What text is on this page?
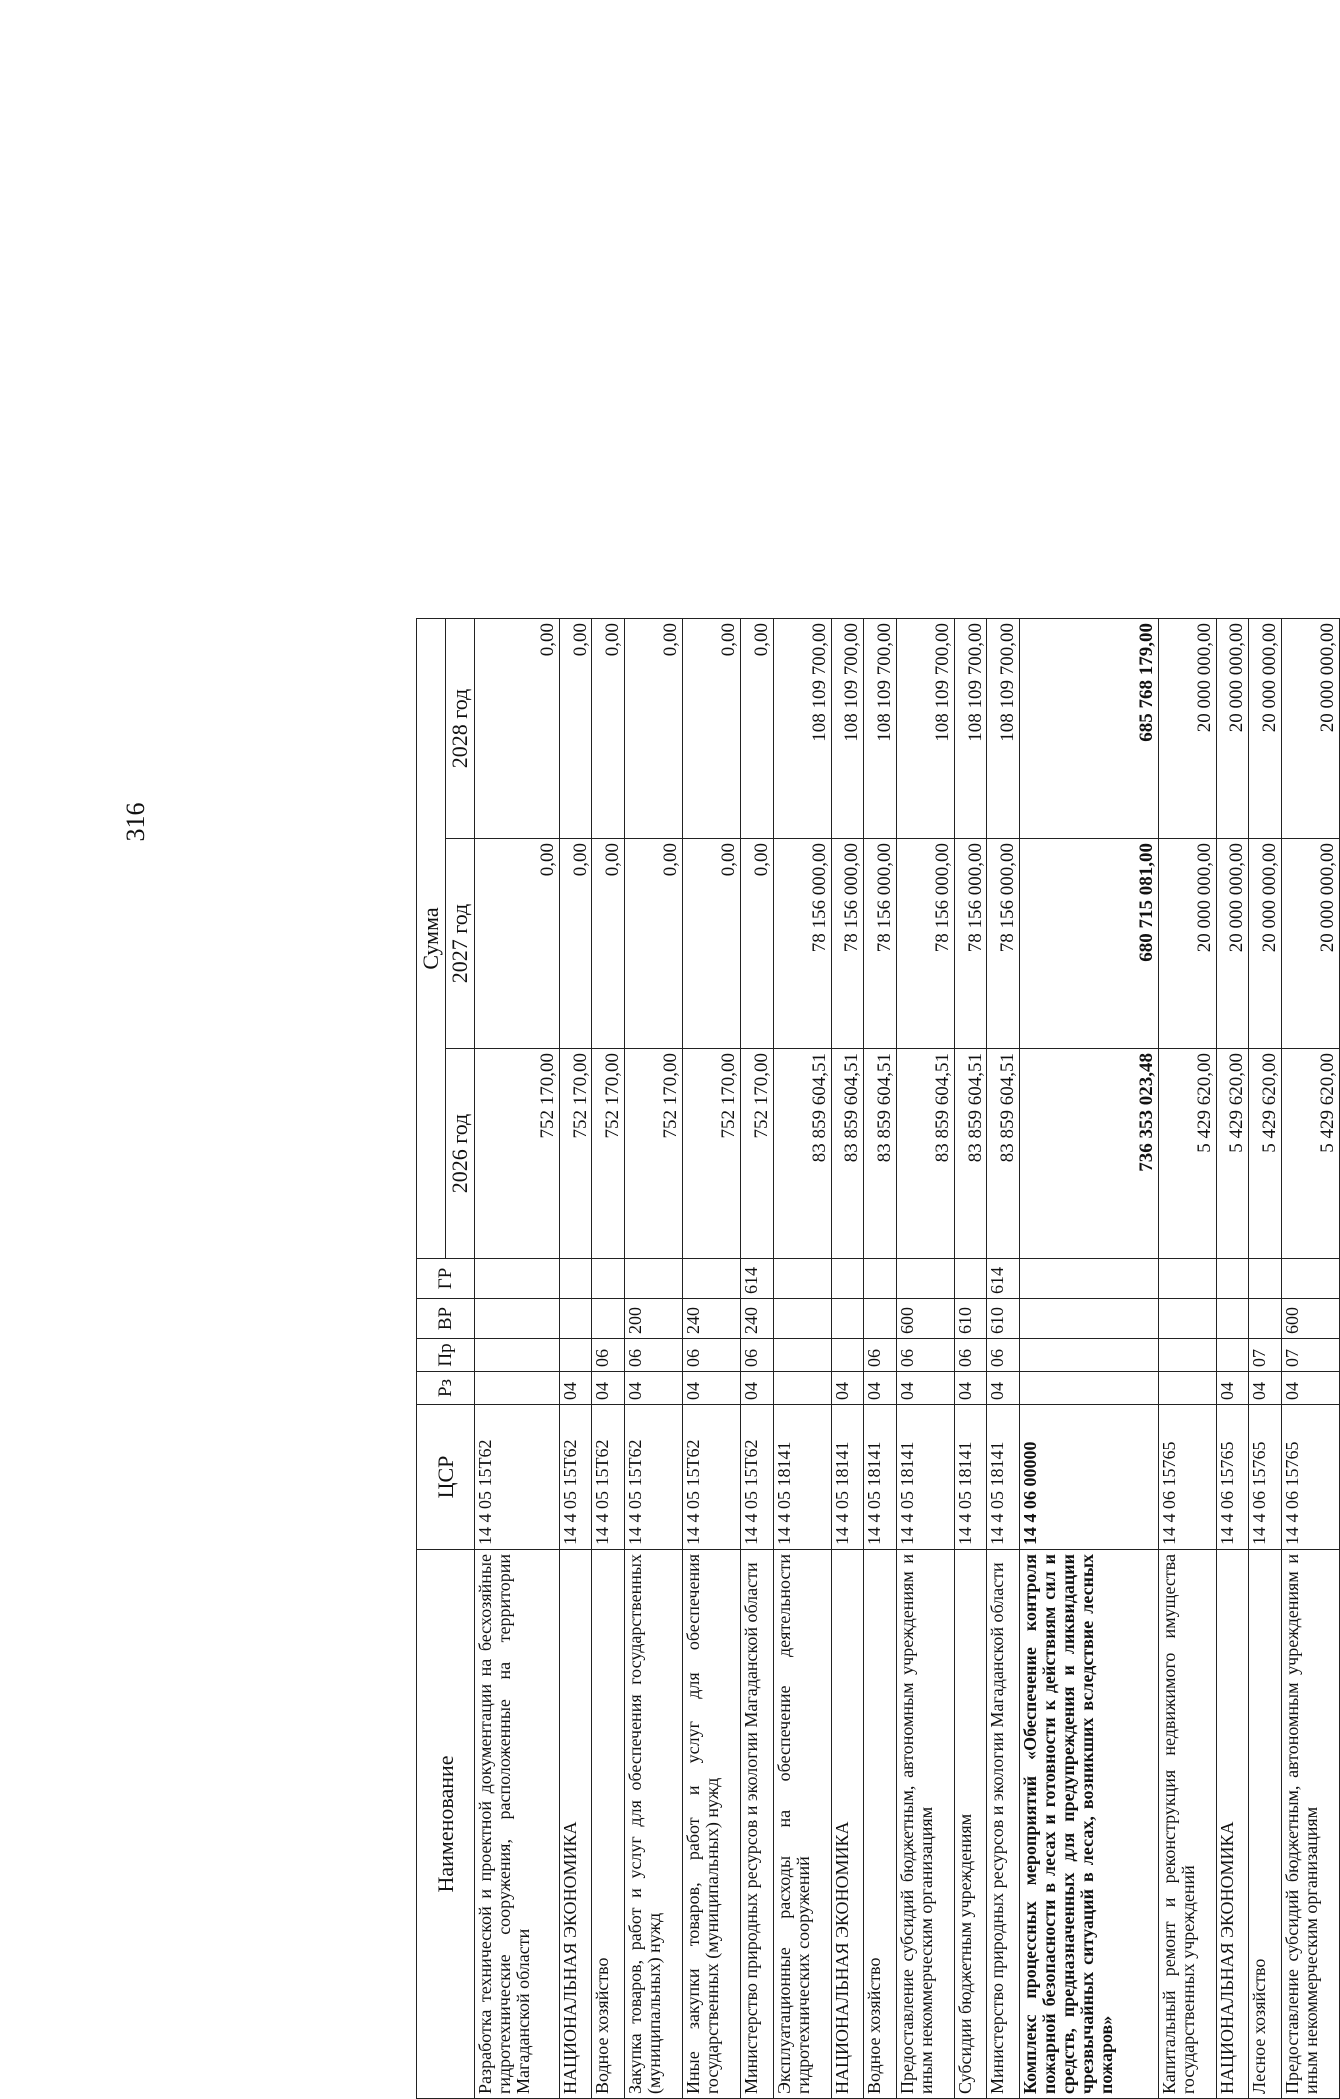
316
Наименование	ЦСР	Рз	Пр	ВР	ГР	Сумма		
						2026 год	2027 год	2028 год
Разработка технической и проектной документации на бесхозяйные гидротехнические сооружения, расположенные на территории Магаданской области	14 4 05 15Т62					752 170,00	0,00	0,00
НАЦИОНАЛЬНАЯ ЭКОНОМИКА	14 4 05 15Т62	04				752 170,00	0,00	0,00
Водное хозяйство	14 4 05 15Т62	04	06			752 170,00	0,00	0,00
Закупка товаров, работ и услуг для обеспечения государственных (муниципальных) нужд	14 4 05 15Т62	04	06	200		752 170,00	0,00	0,00
Иные закупки товаров, работ и услуг для обеспечения государственных (муниципальных) нужд	14 4 05 15Т62	04	06	240		752 170,00	0,00	0,00
Министерство природных ресурсов и экологии Магаданской области	14 4 05 15Т62	04	06	240	614	752 170,00	0,00	0,00
Эксплуатационные расходы на обеспечение деятельности гидротехнических сооружений	14 4 05 18141					83 859 604,51	78 156 000,00	108 109 700,00
НАЦИОНАЛЬНАЯ ЭКОНОМИКА	14 4 05 18141	04				83 859 604,51	78 156 000,00	108 109 700,00
Водное хозяйство	14 4 05 18141	04	06			83 859 604,51	78 156 000,00	108 109 700,00
Предоставление субсидий бюджетным, автономным учреждениям и иным некоммерческим организациям	14 4 05 18141	04	06	600		83 859 604,51	78 156 000,00	108 109 700,00
Субсидии бюджетным учреждениям	14 4 05 18141	04	06	610		83 859 604,51	78 156 000,00	108 109 700,00
Министерство природных ресурсов и экологии Магаданской области	14 4 05 18141	04	06	610	614	83 859 604,51	78 156 000,00	108 109 700,00
Комплекс процессных мероприятий «Обеспечение контроля пожарной безопасности в лесах и готовности к действиям сил и средств, предназначенных для предупреждения и ликвидации чрезвычайных ситуаций в лесах, возникших вследствие лесных пожаров»	14 4 06 00000					736 353 023,48	680 715 081,00	685 768 179,00
Капитальный ремонт и реконструкция недвижимого имущества государственных учреждений	14 4 06 15765					5 429 620,00	20 000 000,00	20 000 000,00
НАЦИОНАЛЬНАЯ ЭКОНОМИКА	14 4 06 15765	04				5 429 620,00	20 000 000,00	20 000 000,00
Лесное хозяйство	14 4 06 15765	04	07			5 429 620,00	20 000 000,00	20 000 000,00
Предоставление субсидий бюджетным, автономным учреждениям и иным некоммерческим организациям	14 4 06 15765	04	07	600		5 429 620,00	20 000 000,00	20 000 000,00
